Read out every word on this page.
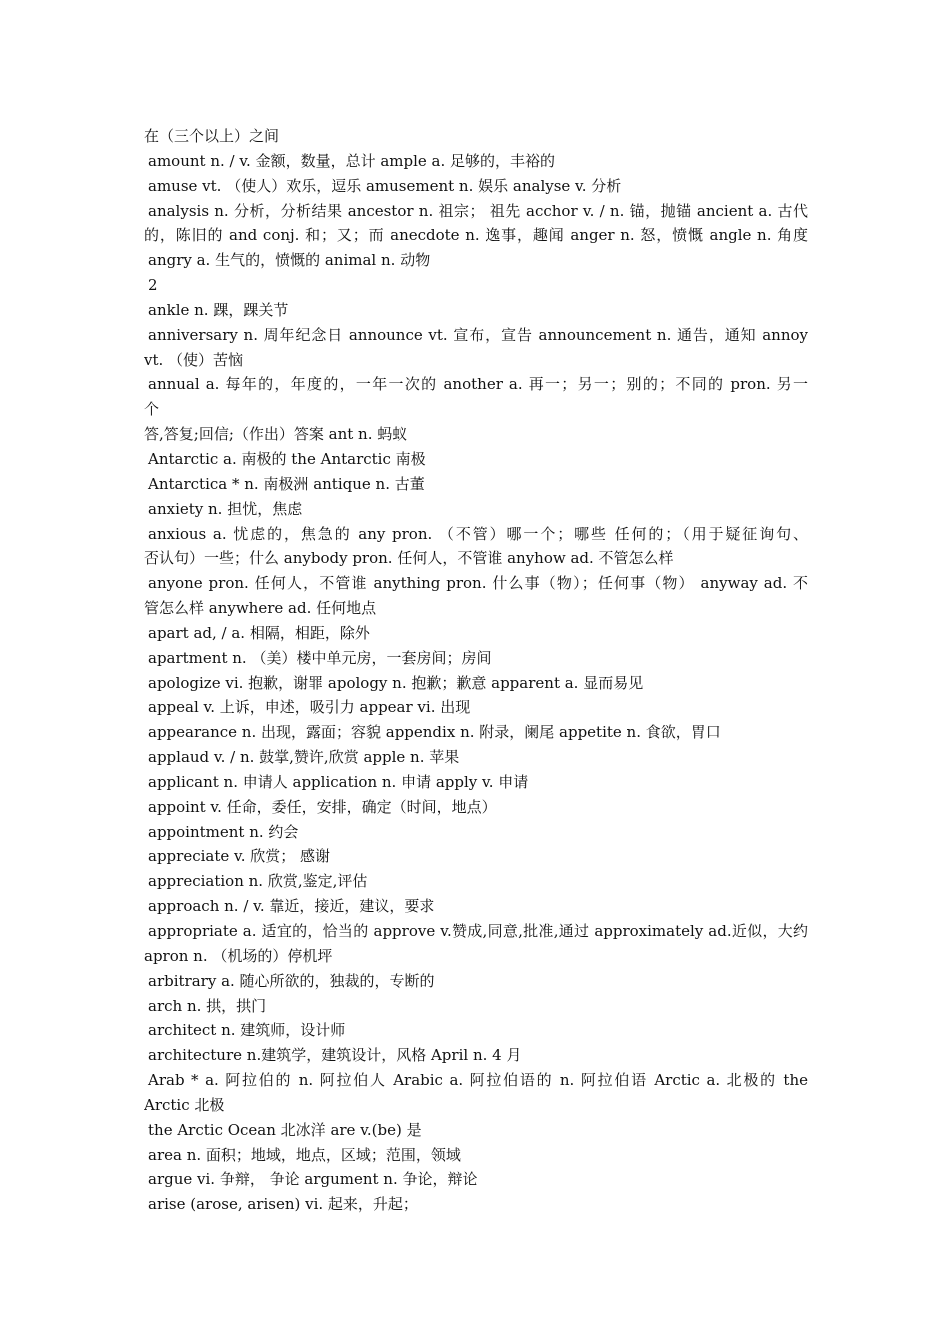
在（三个以上）之间
amount n. / v. 金额，数量，总计 ample a. 足够的，丰裕的
amuse vt. （使人）欢乐，逗乐 amusement n. 娱乐 analyse v. 分析
analysis n. 分析，分析结果 ancestor n. 祖宗； 祖先 acchor v. / n. 锚，抛锚 ancient a. 古代
的，陈旧的 and conj. 和；又；而 anecdote n. 逸事，趣闻 anger n. 怒，愤慨 angle n. 角度
angry a. 生气的，愤慨的 animal n. 动物
2
ankle n. 踝，踝关节
anniversary n. 周年纪念日 announce vt. 宣布，宣告 announcement n. 通告，通知 annoy
vt. （使）苦恼
annual a. 每年的，年度的，一年一次的 another a. 再一；另一；别的；不同的 pron. 另一
个
答,答复;回信;（作出）答案 ant n. 蚂蚁
Antarctic a. 南极的 the Antarctic 南极
Antarctica * n. 南极洲 antique n. 古董
anxiety n. 担忧，焦虑
anxious a. 忧虑的，焦急的 any pron. （不管）哪一个；哪些 任何的；（用于疑征询句、
否认句）一些；什么 anybody pron. 任何人，不管谁 anyhow ad. 不管怎么样
anyone pron. 任何人，不管谁 anything pron. 什么事（物）；任何事（物） anyway ad. 不
管怎么样 anywhere ad. 任何地点
apart ad, / a. 相隔，相距，除外
apartment n. （美）楼中单元房，一套房间；房间
apologize vi. 抱歉，谢罪 apology n. 抱歉；歉意 apparent a. 显而易见
appeal v. 上诉，申述，吸引力 appear vi. 出现
appearance n. 出现，露面；容貌 appendix n. 附录，阑尾 appetite n. 食欲，胃口
applaud v. / n. 鼓掌,赞许,欣赏 apple n. 苹果
applicant n. 申请人 application n. 申请 apply v. 申请
appoint v. 任命，委任，安排，确定（时间，地点）
appointment n. 约会
appreciate v. 欣赏； 感谢
appreciation n. 欣赏,鉴定,评估
approach n. / v. 靠近，接近，建议，要求
appropriate a. 适宜的，恰当的 approve v.赞成,同意,批准,通过 approximately ad.近似，大约
apron n. （机场的）停机坪
arbitrary a. 随心所欲的，独裁的，专断的
arch n. 拱，拱门
architect n. 建筑师，设计师
architecture n.建筑学，建筑设计，风格 April n. 4 月
Arab * a. 阿拉伯的 n. 阿拉伯人 Arabic a. 阿拉伯语的 n. 阿拉伯语 Arctic a. 北极的 the
Arctic 北极
the Arctic Ocean 北冰洋 are v.(be) 是
area n. 面积；地域，地点，区域；范围，领域
argue vi. 争辩， 争论 argument n. 争论，辩论
arise (arose, arisen) vi. 起来，升起；
